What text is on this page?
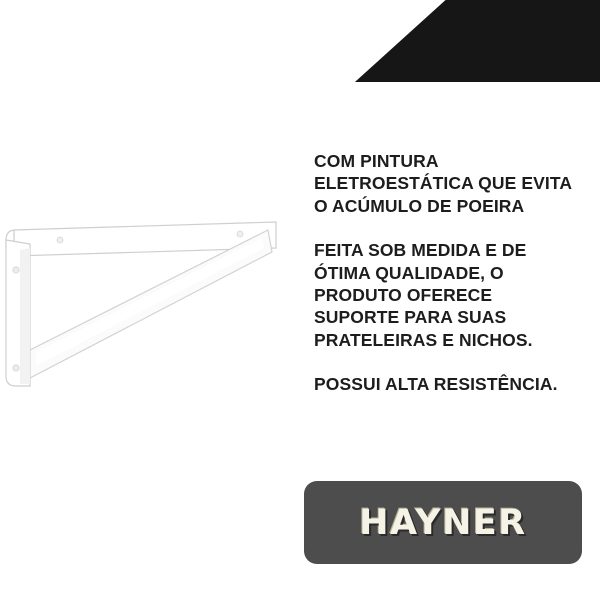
COM PINTURA ELETROESTÁTICA QUE EVITA O ACÚMULO DE POEIRA

FEITA SOB MEDIDA E DE ÓTIMA QUALIDADE, O PRODUTO OFERECE SUPORTE PARA SUAS PRATELEIRAS E NICHOS.

POSSUI ALTA RESISTÊNCIA.

HAYNER
